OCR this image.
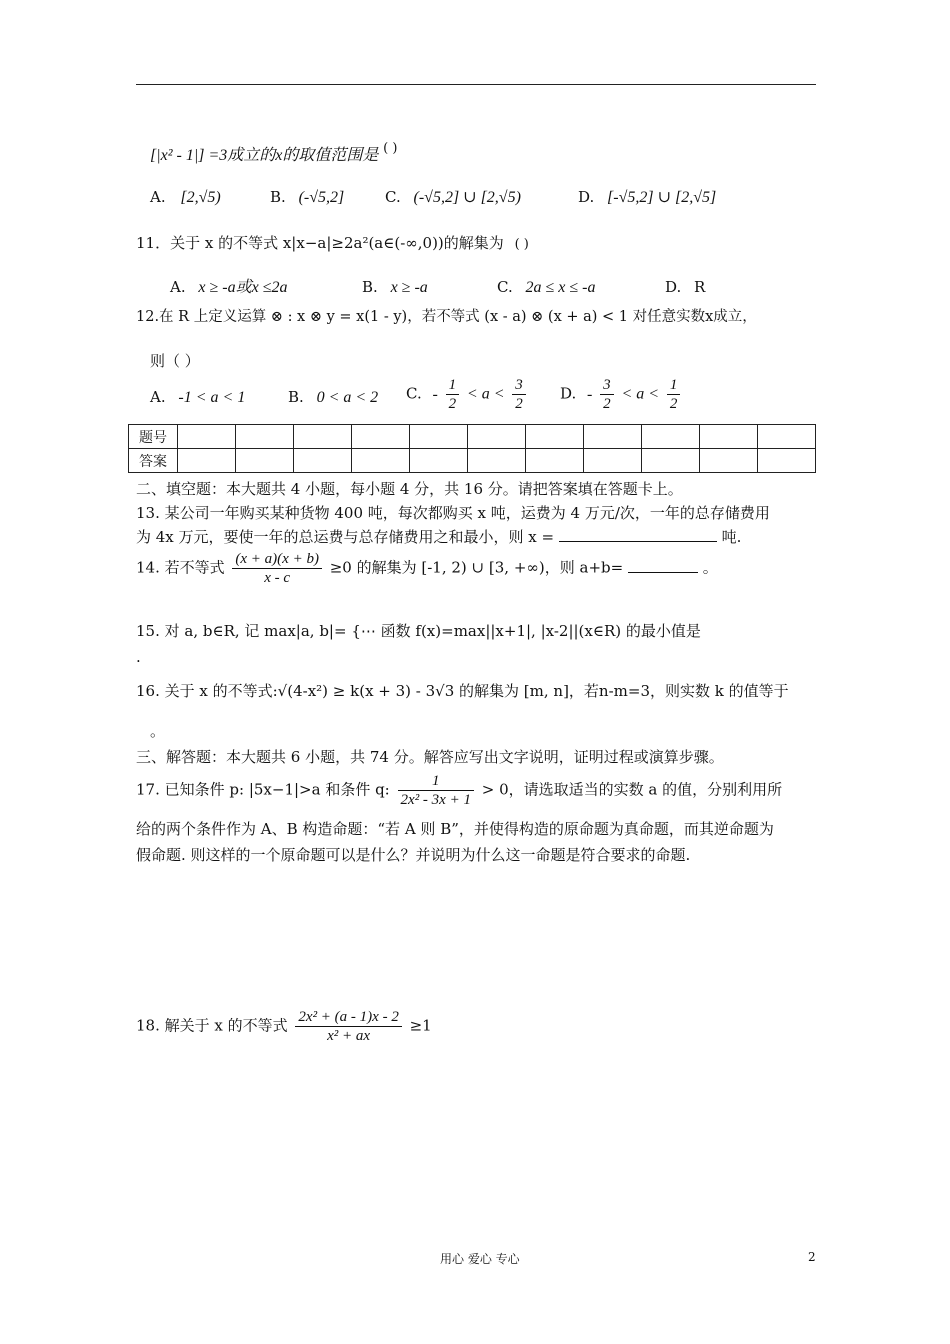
[|x² - 1|] =3成立的x的取值范围是 ( )
A. [2,√5)	B. (-√5,2]	C. (-√5,2] ∪ [2,√5)	D. [-√5,2] ∪ [2,√5]
11．关于 x 的不等式 x|x−a|≥2a²(a∈(-∞,0))的解集为 ( )
A. x ≥ -a或x ≤2a	B. x ≥ -a	C. 2a ≤ x ≤ -a	D. R
12.在 R 上定义运算 ⊗ : x ⊗ y = x(1 - y)，若不等式 (x - a) ⊗ (x + a) < 1 对任意实数x成立，
则（ ）
A. -1 < a < 1	B. 0 < a < 2 C. - $\frac{1}{2} < a < \frac{3}{2} D$. - $\frac{3}{2} < a < \frac{1}{2}$
题号											
答案											
二、填空题：本大题共 4 小题，每小题 4 分，共 16 分。请把答案填在答题卡上。
13. 某公司一年购买某种货物 400 吨，每次都购买 x 吨，运费为 4 万元/次，一年的总存储费用
为 4x 万元，要使一年的总运费与总存储费用之和最小，则 x =	吨.
14. 若不等式 $\frac{(x + a)(x + b)}{x - c} \ge 0$ 的解集为 [-1, 2) ∪ [3, +∞)，则 a+b=	。
15. 对 a, b∈R, 记 max|a, b|= {⋯ 函数 f(x)=max||x+1|, |x-2||(x∈R) 的最小值是
.
16. 关于 x 的不等式:√(4-x²) ≥ k(x + 3) - 3√3 的解集为 [m, n]，若n-m=3，则实数 k 的值等于
。
三、解答题：本大题共 6 小题，共 74 分。解答应写出文字说明，证明过程或演算步骤。
17. 已知条件 p: |5x−1|>a 和条件 q: $\frac{1}{\text{2x² - 3x + 1}} > 0$，请选取适当的实数 a 的值，分别利用所
给的两个条件作为 A、B 构造命题：“若 A 则 B”，并使得构造的原命题为真命题，而其逆命题为
假命题. 则这样的一个原命题可以是什么？并说明为什么这一命题是符合要求的命题.
18. 解关于 x 的不等式 $\frac{\text{2x² + (a - 1)x - 2}}{\text{x² + ax}} \ge 1$
用心 爱心 专心	2
